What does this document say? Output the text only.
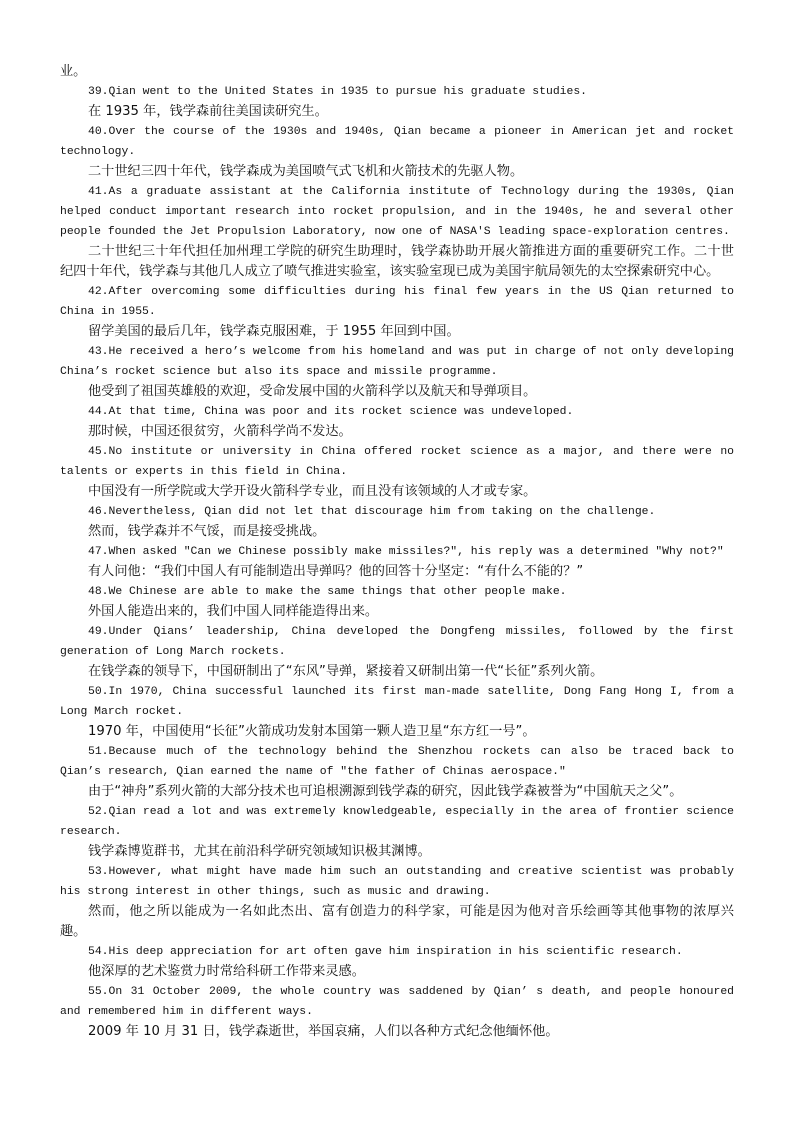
业。

39.Qian went to the United States in 1935 to pursue his graduate studies.

在 1935 年，钱学森前往美国读研究生。

40.Over the course of the 1930s and 1940s, Qian became a pioneer in American jet and rocket technology.

二十世纪三四十年代，钱学森成为美国喷气式飞机和火箭技术的先驱人物。

41.As a graduate assistant at the California institute of Technology during the 1930s, Qian helped conduct important research into rocket propulsion, and in the 1940s, he and several other people founded the Jet Propulsion Laboratory, now one of NASA'S leading space-exploration centres.

二十世纪三十年代担任加州理工学院的研究生助理时，钱学森协助开展火箭推进方面的重要研究工作。二十世纪四十年代，钱学森与其他几人成立了喷气推进实验室，该实验室现已成为美国宇航局领先的太空探索研究中心。

42.After overcoming some difficulties during his final few years in the US Qian returned to China in 1955.

留学美国的最后几年，钱学森克服困难，于 1955 年回到中国。

43.He received a hero’s welcome from his homeland and was put in charge of not only developing China’s rocket science but also its space and missile programme.

他受到了祖国英雄般的欢迎，受命发展中国的火箭科学以及航天和导弹项目。

44.At that time, China was poor and its rocket science was undeveloped.

那时候，中国还很贫穷，火箭科学尚不发达。

45.No institute or university in China offered rocket science as a major, and there were no talents or experts in this field in China.

中国没有一所学院或大学开设火箭科学专业，而且没有该领域的人才或专家。

46.Nevertheless, Qian did not let that discourage him from taking on the challenge.

然而，钱学森并不气馁，而是接受挑战。

47.When asked "Can we Chinese possibly make missiles?", his reply was a determined "Why not?"

有人问他：“我们中国人有可能制造出导弹吗？他的回答十分坚定：“有什么不能的？”

48.We Chinese are able to make the same things that other people make.

外国人能造出来的，我们中国人同样能造得出来。

49.Under Qians’ leadership, China developed the Dongfeng missiles, followed by the first generation of Long March rockets.

在钱学森的领导下，中国研制出了“东风”导弹，紧接着又研制出第一代“长征”系列火箭。

50.In 1970, China successful launched its first man-made satellite, Dong Fang Hong I, from a Long March rocket.

1970 年，中国使用“长征”火箭成功发射本国第一颗人造卫星“东方红一号”。

51.Because much of the technology behind the Shenzhou rockets can also be traced back to Qian’s research, Qian earned the name of "the father of Chinas aerospace."

由于“神舟”系列火箭的大部分技术也可追根溯源到钱学森的研究，因此钱学森被誉为“中国航天之父”。

52.Qian read a lot and was extremely knowledgeable, especially in the area of frontier science research.

钱学森博览群书，尤其在前沿科学研究领域知识极其渊博。

53.However, what might have made him such an outstanding and creative scientist was probably his strong interest in other things, such as music and drawing.

然而，他之所以能成为一名如此杰出、富有创造力的科学家，可能是因为他对音乐绘画等其他事物的浓厚兴趣。

54.His deep appreciation for art often gave him inspiration in his scientific research.

他深厚的艺术鉴赏力时常给科研工作带来灵感。

55.On 31 October 2009, the whole country was saddened by Qian’ s death, and people honoured and remembered him in different ways.

2009 年 10 月 31 日，钱学森逝世，举国哀痛，人们以各种方式纪念他缅怀他。
